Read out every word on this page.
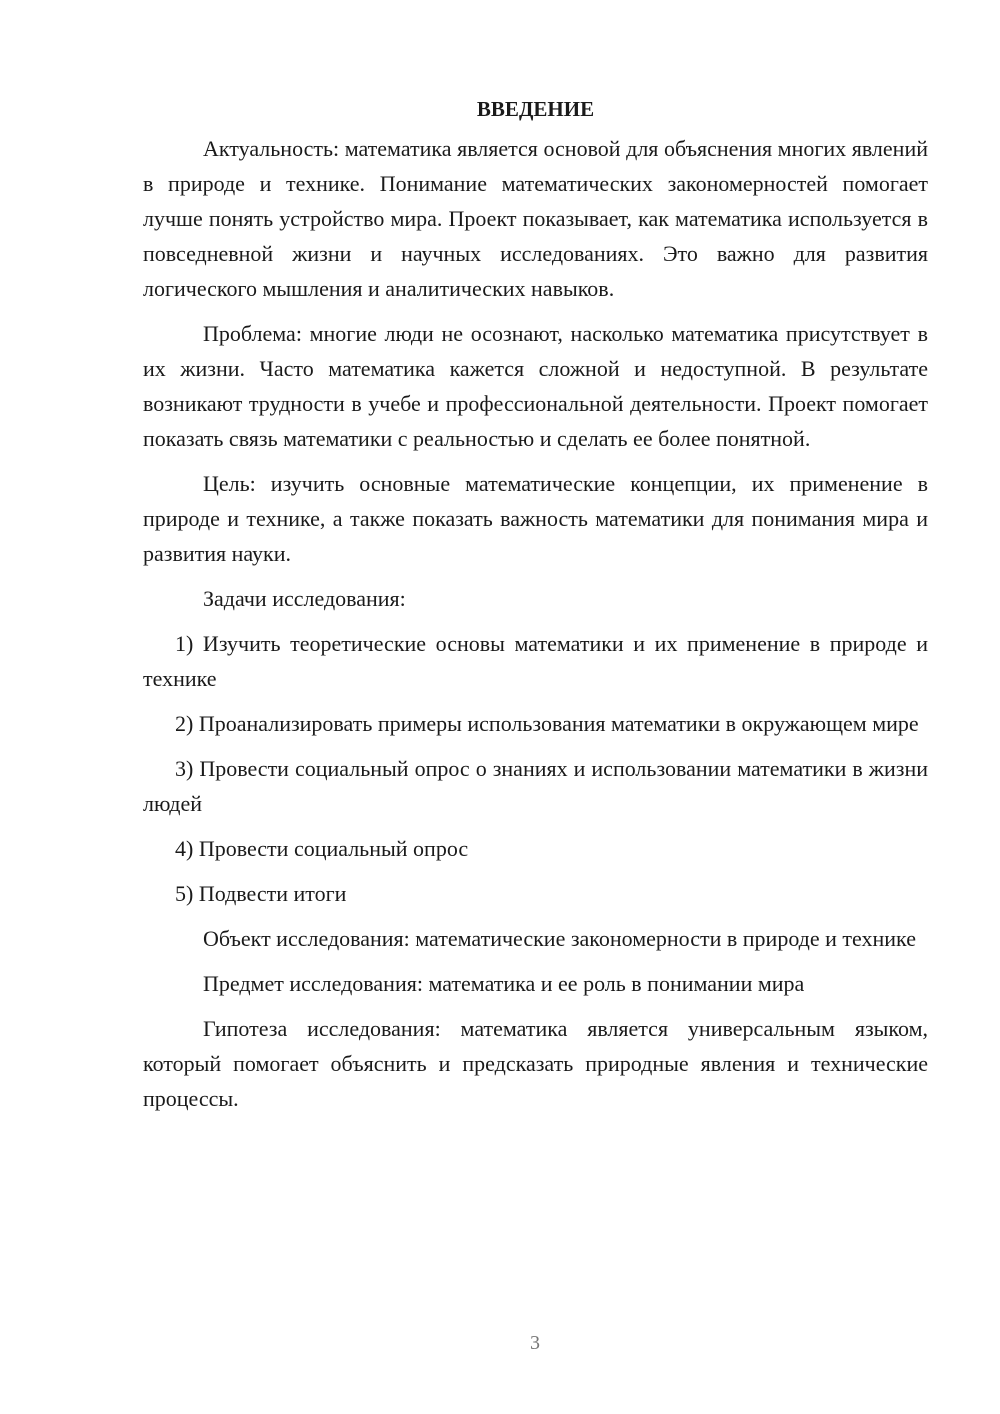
ВВЕДЕНИЕ

Актуальность: математика является основой для объяснения многих явлений в природе и технике. Понимание математических закономерностей помогает лучше понять устройство мира. Проект показывает, как математика используется в повседневной жизни и научных исследованиях. Это важно для развития логического мышления и аналитических навыков.

Проблема: многие люди не осознают, насколько математика присутствует в их жизни. Часто математика кажется сложной и недоступной. В результате возникают трудности в учебе и профессиональной деятельности. Проект помогает показать связь математики с реальностью и сделать ее более понятной.

Цель: изучить основные математические концепции, их применение в природе и технике, а также показать важность математики для понимания мира и развития науки.

Задачи исследования:

1) Изучить теоретические основы математики и их применение в природе и технике

2) Проанализировать примеры использования математики в окружающем мире

3) Провести социальный опрос о знаниях и использовании математики в жизни людей

4) Провести социальный опрос

5) Подвести итоги

Объект исследования: математические закономерности в природе и технике

Предмет исследования: математика и ее роль в понимании мира

Гипотеза исследования: математика является универсальным языком, который помогает объяснить и предсказать природные явления и технические процессы.

3
